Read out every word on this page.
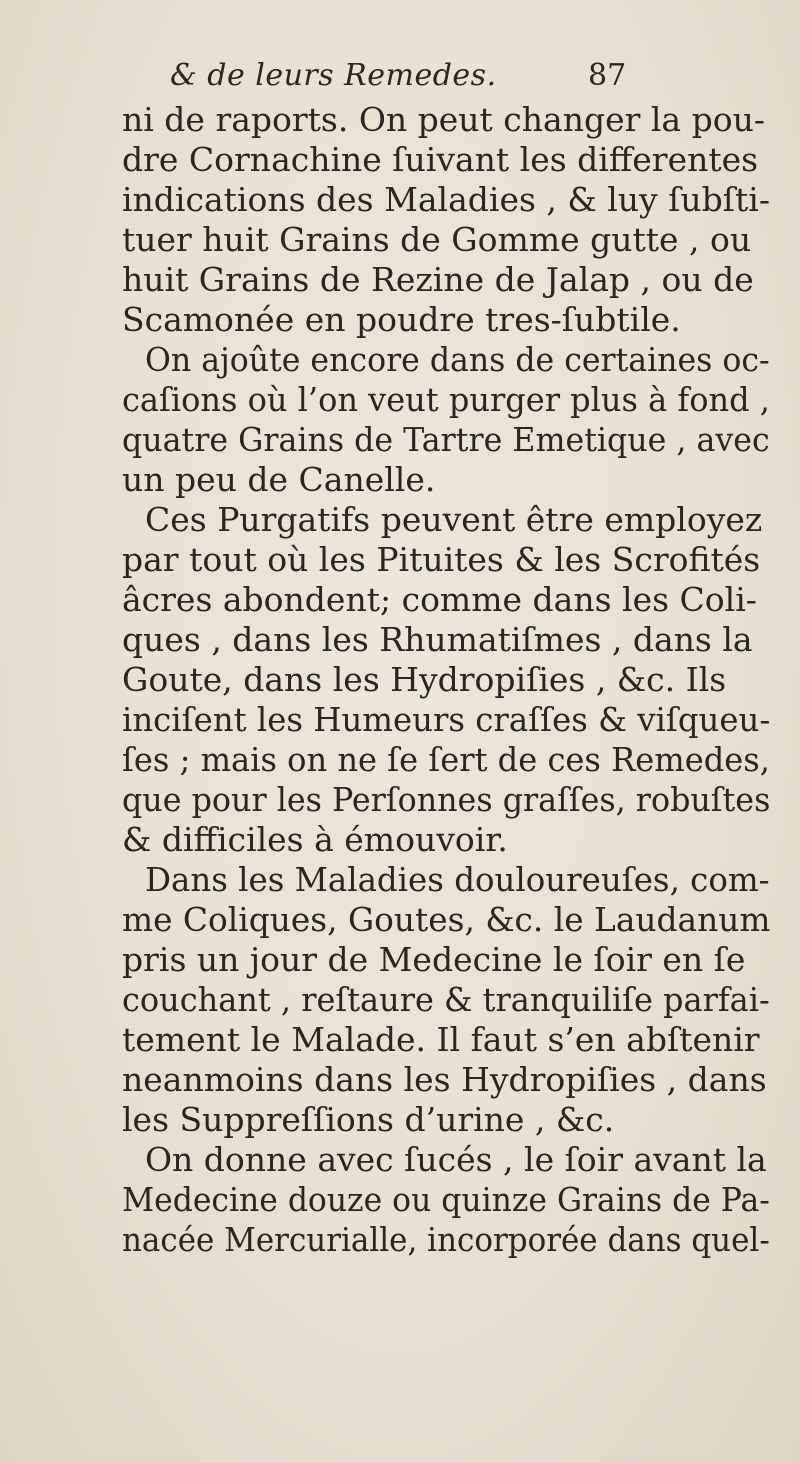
& de leurs Remedes.	87
ni de raports. On peut changer la pou-
dre Cornachine ſuivant les differentes
indications des Maladies , & luy ſubſti-
tuer huit Grains de Gomme gutte , ou
huit Grains de Rezine de Jalap , ou de
Scamonée en poudre tres-ſubtile.
On ajoûte encore dans de certaines oc-
caſions où l’on veut purger plus à fond ,
quatre Grains de Tartre Emetique , avec
un peu de Canelle.
Ces Purgatifs peuvent être employez
par tout où les Pituites & les Scrofités
âcres abondent; comme dans les Coli-
ques , dans les Rhumatiſmes , dans la
Goute, dans les Hydropiſies , &c. Ils
inciſent les Humeurs craſſes & viſqueu-
ſes ; mais on ne ſe ſert de ces Remedes,
que pour les Perſonnes graſſes, robuſtes
& difficiles à émouvoir.
Dans les Maladies douloureuſes, com-
me Coliques, Goutes, &c. le Laudanum
pris un jour de Medecine le ſoir en ſe
couchant , reſtaure & tranquiliſe parfai-
tement le Malade. Il faut s’en abſtenir
neanmoins dans les Hydropiſies , dans
les Suppreſſions d’urine , &c.
On donne avec ſucés , le ſoir avant la
Medecine douze ou quinze Grains de Pa-
nacée Mercurialle, incorporée dans quel-
